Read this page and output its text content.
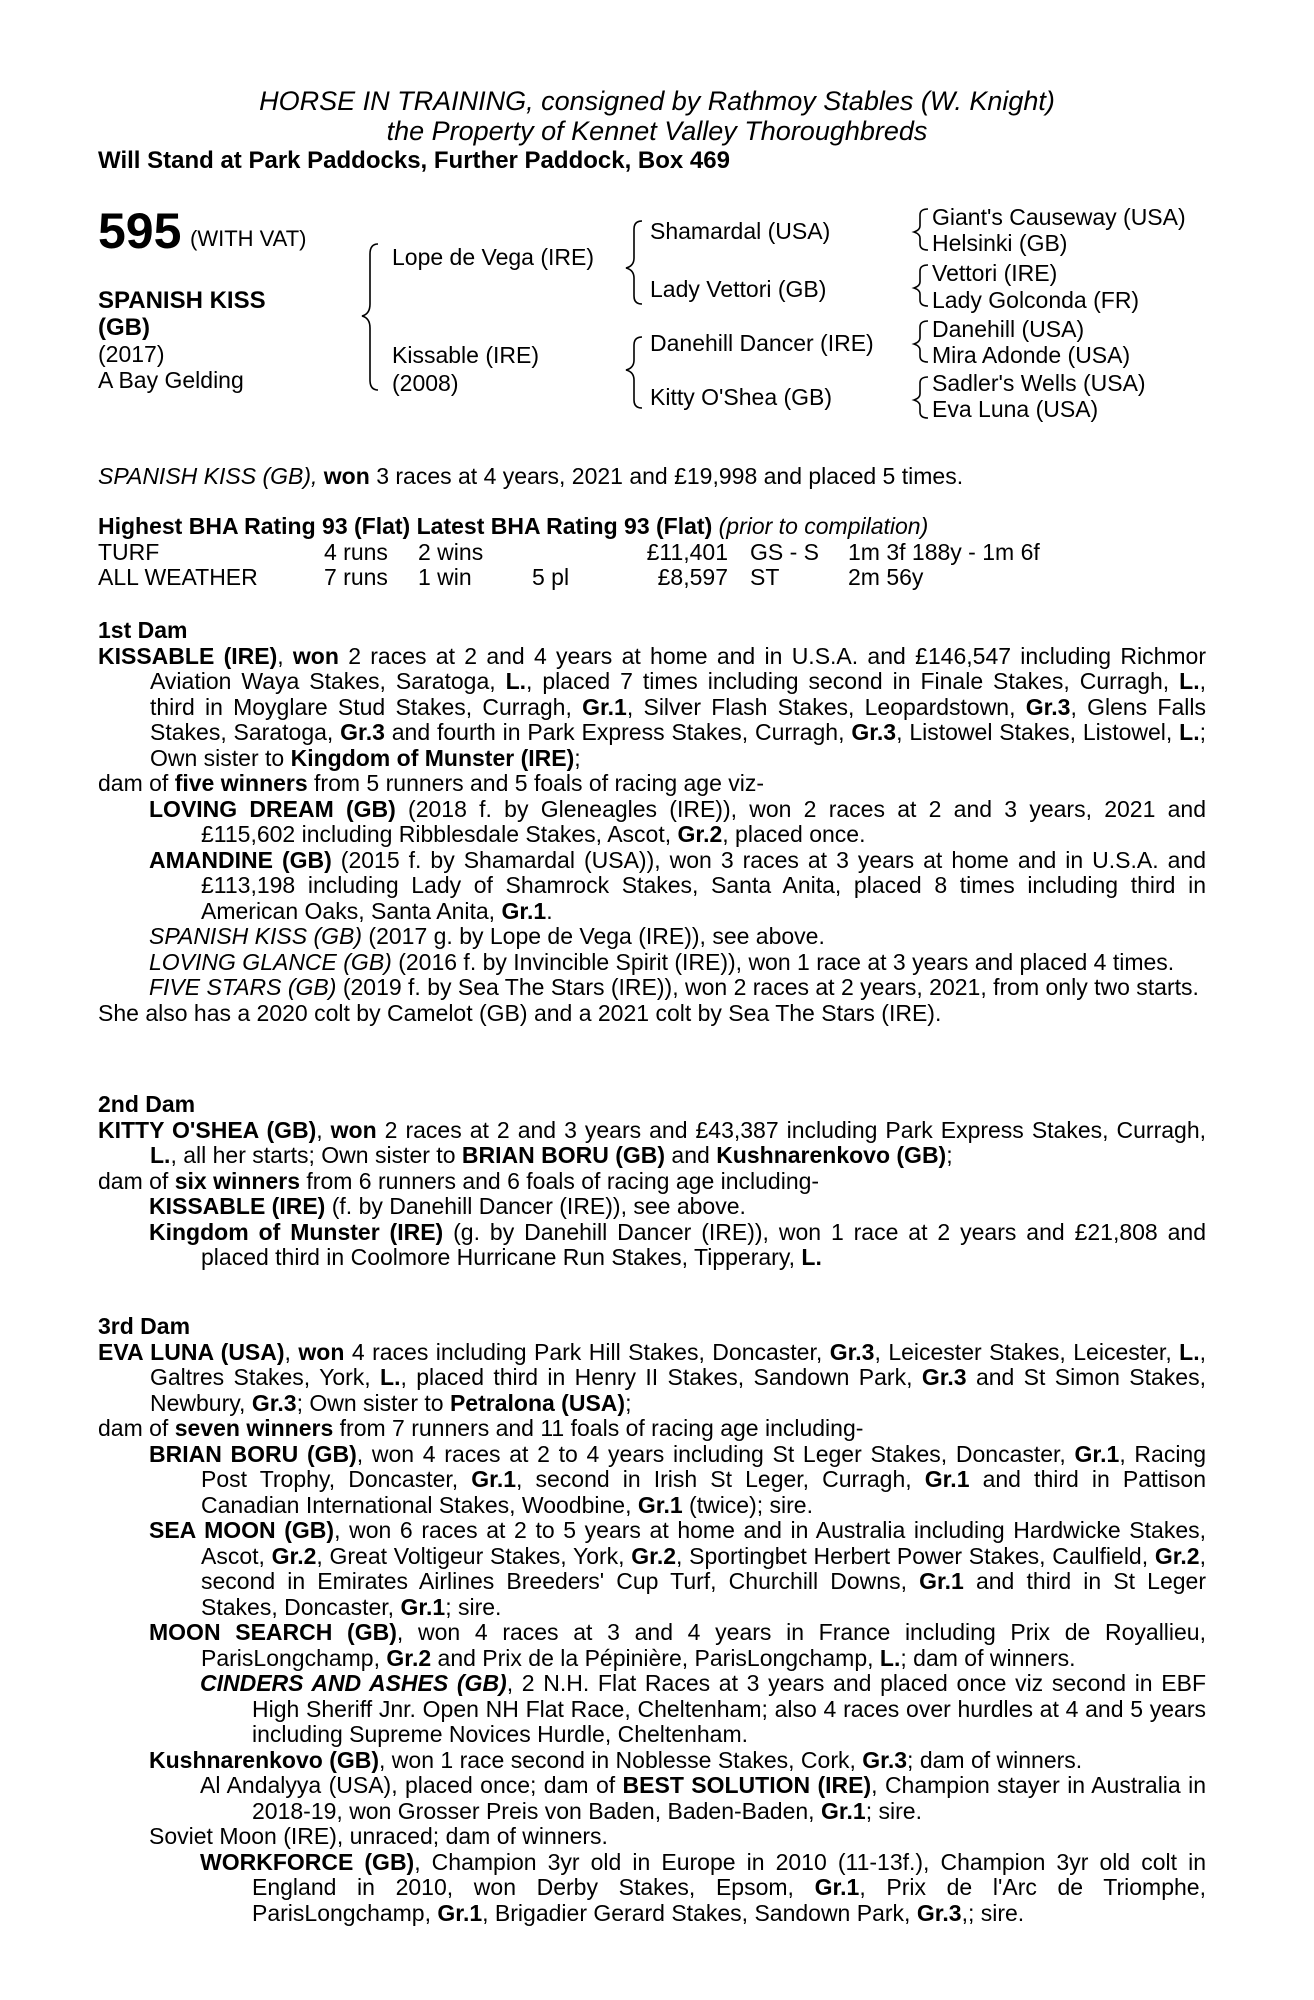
HORSE IN TRAINING, consigned by Rathmoy Stables (W. Knight)
the Property of Kennet Valley Thoroughbreds
Will Stand at Park Paddocks, Further Paddock, Box 469
595 (WITH VAT)
SPANISH KISS
(GB)
(2017)
A Bay Gelding
Lope de Vega (IRE)
Kissable (IRE)
(2008)
Shamardal (USA)
Lady Vettori (GB)
Danehill Dancer (IRE)
Kitty O'Shea (GB)
Giant's Causeway (USA)
Helsinki (GB)
Vettori (IRE)
Lady Golconda (FR)
Danehill (USA)
Mira Adonde (USA)
Sadler's Wells (USA)
Eva Luna (USA)

SPANISH KISS (GB), won 3 races at 4 years, 2021 and £19,998 and placed 5 times.

Highest BHA Rating 93 (Flat) Latest BHA Rating 93 (Flat) (prior to compilation)

TURF	4 runs	2 wins		£11,401	GS - S	1m 3f 188y - 1m 6f
ALL WEATHER	7 runs	1 win	5 pl	£8,597	ST	2m 56y

1st Dam

KISSABLE (IRE), won 2 races at 2 and 4 years at home and in U.S.A. and £146,547 including Richmor Aviation Waya Stakes, Saratoga, L., placed 7 times including second in Finale Stakes, Curragh, L., third in Moyglare Stud Stakes, Curragh, Gr.1, Silver Flash Stakes, Leopardstown, Gr.3, Glens Falls Stakes, Saratoga, Gr.3 and fourth in Park Express Stakes, Curragh, Gr.3, Listowel Stakes, Listowel, L.; Own sister to Kingdom of Munster (IRE);

dam of five winners from 5 runners and 5 foals of racing age viz-

LOVING DREAM (GB) (2018 f. by Gleneagles (IRE)), won 2 races at 2 and 3 years, 2021 and £115,602 including Ribblesdale Stakes, Ascot, Gr.2, placed once.

AMANDINE (GB) (2015 f. by Shamardal (USA)), won 3 races at 3 years at home and in U.S.A. and £113,198 including Lady of Shamrock Stakes, Santa Anita, placed 8 times including third in American Oaks, Santa Anita, Gr.1.

SPANISH KISS (GB) (2017 g. by Lope de Vega (IRE)), see above.

LOVING GLANCE (GB) (2016 f. by Invincible Spirit (IRE)), won 1 race at 3 years and placed 4 times.

FIVE STARS (GB) (2019 f. by Sea The Stars (IRE)), won 2 races at 2 years, 2021, from only two starts.

She also has a 2020 colt by Camelot (GB) and a 2021 colt by Sea The Stars (IRE).

2nd Dam

KITTY O'SHEA (GB), won 2 races at 2 and 3 years and £43,387 including Park Express Stakes, Curragh, L., all her starts; Own sister to BRIAN BORU (GB) and Kushnarenkovo (GB);

dam of six winners from 6 runners and 6 foals of racing age including-

KISSABLE (IRE) (f. by Danehill Dancer (IRE)), see above.

Kingdom of Munster (IRE) (g. by Danehill Dancer (IRE)), won 1 race at 2 years and £21,808 and placed third in Coolmore Hurricane Run Stakes, Tipperary, L.

3rd Dam

EVA LUNA (USA), won 4 races including Park Hill Stakes, Doncaster, Gr.3, Leicester Stakes, Leicester, L., Galtres Stakes, York, L., placed third in Henry II Stakes, Sandown Park, Gr.3 and St Simon Stakes, Newbury, Gr.3; Own sister to Petralona (USA);

dam of seven winners from 7 runners and 11 foals of racing age including-

BRIAN BORU (GB), won 4 races at 2 to 4 years including St Leger Stakes, Doncaster, Gr.1, Racing Post Trophy, Doncaster, Gr.1, second in Irish St Leger, Curragh, Gr.1 and third in Pattison Canadian International Stakes, Woodbine, Gr.1 (twice); sire.

SEA MOON (GB), won 6 races at 2 to 5 years at home and in Australia including Hardwicke Stakes, Ascot, Gr.2, Great Voltigeur Stakes, York, Gr.2, Sportingbet Herbert Power Stakes, Caulfield, Gr.2, second in Emirates Airlines Breeders' Cup Turf, Churchill Downs, Gr.1 and third in St Leger Stakes, Doncaster, Gr.1; sire.

MOON SEARCH (GB), won 4 races at 3 and 4 years in France including Prix de Royallieu, ParisLongchamp, Gr.2 and Prix de la Pépinière, ParisLongchamp, L.; dam of winners.

CINDERS AND ASHES (GB), 2 N.H. Flat Races at 3 years and placed once viz second in EBF High Sheriff Jnr. Open NH Flat Race, Cheltenham; also 4 races over hurdles at 4 and 5 years including Supreme Novices Hurdle, Cheltenham.

Kushnarenkovo (GB), won 1 race second in Noblesse Stakes, Cork, Gr.3; dam of winners.

Al Andalyya (USA), placed once; dam of BEST SOLUTION (IRE), Champion stayer in Australia in 2018-19, won Grosser Preis von Baden, Baden-Baden, Gr.1; sire.

Soviet Moon (IRE), unraced; dam of winners.

WORKFORCE (GB), Champion 3yr old in Europe in 2010 (11-13f.), Champion 3yr old colt in England in 2010, won Derby Stakes, Epsom, Gr.1, Prix de l'Arc de Triomphe, ParisLongchamp, Gr.1, Brigadier Gerard Stakes, Sandown Park, Gr.3,; sire.
